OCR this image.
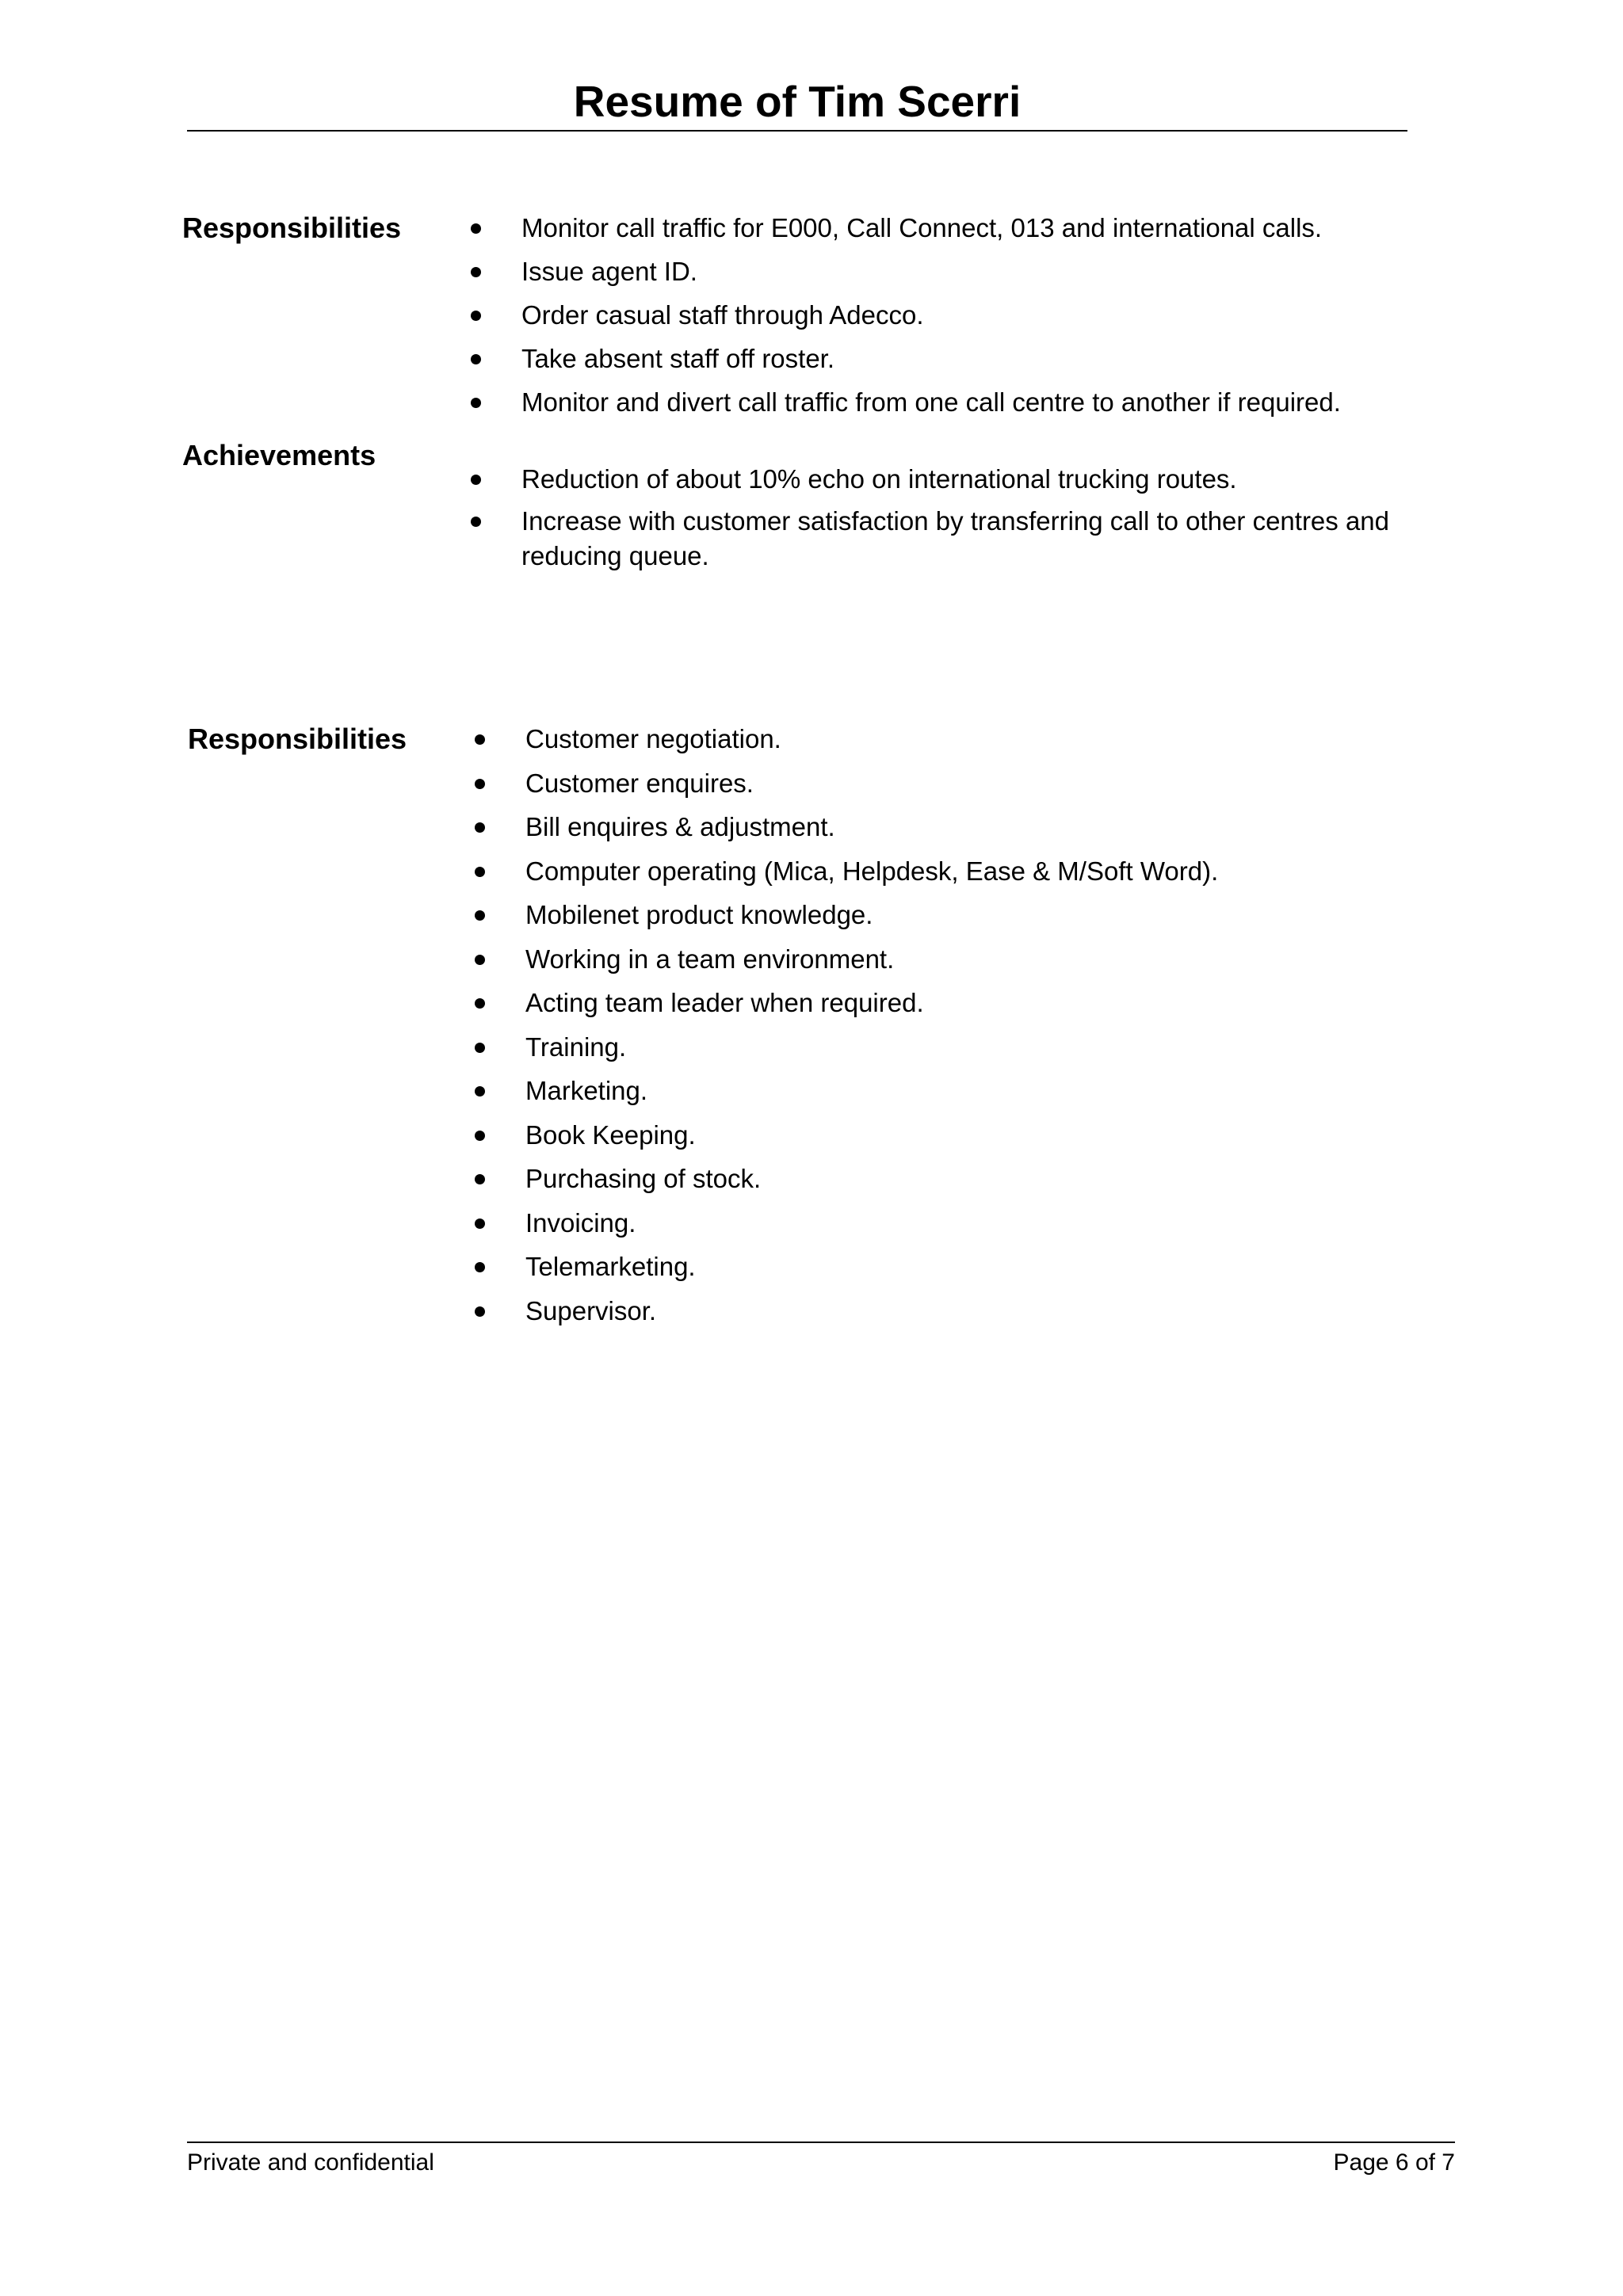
Resume of Tim Scerri

Responsibilities	Monitor call traffic for E000, Call Connect, 013 and international calls.
Issue agent ID.
Order casual staff through Adecco.
Take absent staff off roster.
Monitor and divert call traffic from one call centre to another if required.

Achievements

Reduction of about 10% echo on international trucking routes.
Increase with customer satisfaction by transferring call to other centres and reducing queue.

Responsibilities	Customer negotiation.
Customer enquires.
Bill enquires & adjustment.
Computer operating (Mica, Helpdesk, Ease & M/Soft Word).
Mobilenet product knowledge.
Working in a team environment.
Acting team leader when required.
Training.
Marketing.
Book Keeping.
Purchasing of stock.
Invoicing.
Telemarketing.
Supervisor.

Private and confidential	Page 6 of 7
